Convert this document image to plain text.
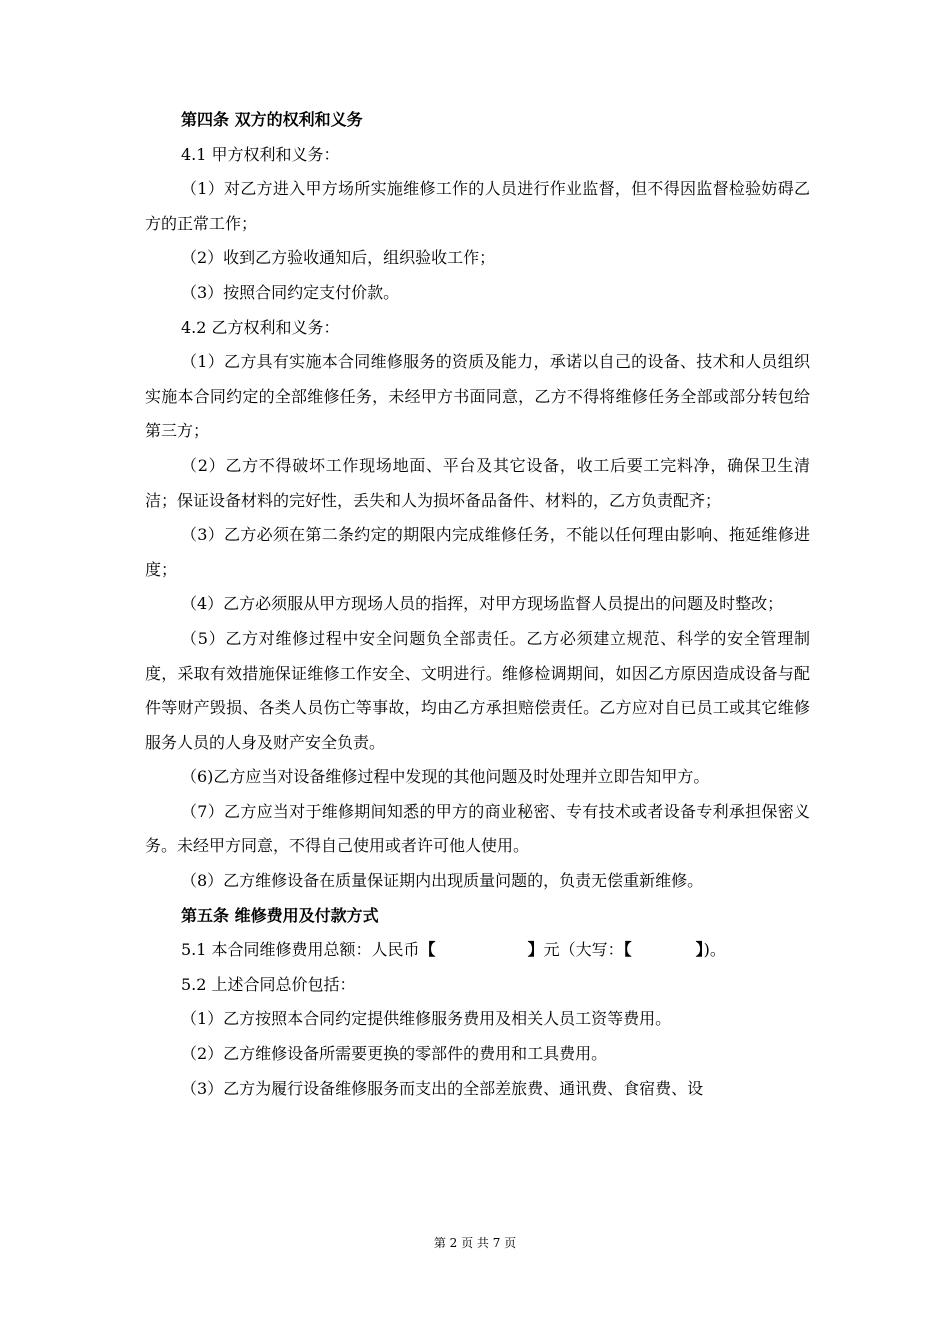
第四条 双方的权利和义务

4.1 甲方权利和义务：

（1）对乙方进入甲方场所实施维修工作的人员进行作业监督，但不得因监督检验妨碍乙方的正常工作；

（2）收到乙方验收通知后，组织验收工作；

（3）按照合同约定支付价款。

4.2 乙方权利和义务：

（1）乙方具有实施本合同维修服务的资质及能力，承诺以自己的设备、技术和人员组织实施本合同约定的全部维修任务，未经甲方书面同意，乙方不得将维修任务全部或部分转包给第三方；

（2）乙方不得破坏工作现场地面、平台及其它设备，收工后要工完料净，确保卫生清洁；保证设备材料的完好性，丢失和人为损坏备品备件、材料的，乙方负责配齐；

（3）乙方必须在第二条约定的期限内完成维修任务，不能以任何理由影响、拖延维修进度；

（4）乙方必须服从甲方现场人员的指挥，对甲方现场监督人员提出的问题及时整改；

（5）乙方对维修过程中安全问题负全部责任。乙方必须建立规范、科学的安全管理制度，采取有效措施保证维修工作安全、文明进行。维修检调期间，如因乙方原因造成设备与配件等财产毁损、各类人员伤亡等事故，均由乙方承担赔偿责任。乙方应对自已员工或其它维修服务人员的人身及财产安全负责。

（6)乙方应当对设备维修过程中发现的其他问题及时处理并立即告知甲方。

（7）乙方应当对于维修期间知悉的甲方的商业秘密、专有技术或者设备专利承担保密义务。未经甲方同意，不得自己使用或者许可他人使用。

（8）乙方维修设备在质量保证期内出现质量问题的，负责无偿重新维修。

第五条 维修费用及付款方式

5.1 本合同维修费用总额：人民币【	】元（大写：【	】)。

5.2 上述合同总价包括：

（1）乙方按照本合同约定提供维修服务费用及相关人员工资等费用。

（2）乙方维修设备所需要更换的零部件的费用和工具费用。

（3）乙方为履行设备维修服务而支出的全部差旅费、通讯费、食宿费、设

第 2 页 共 7 页
